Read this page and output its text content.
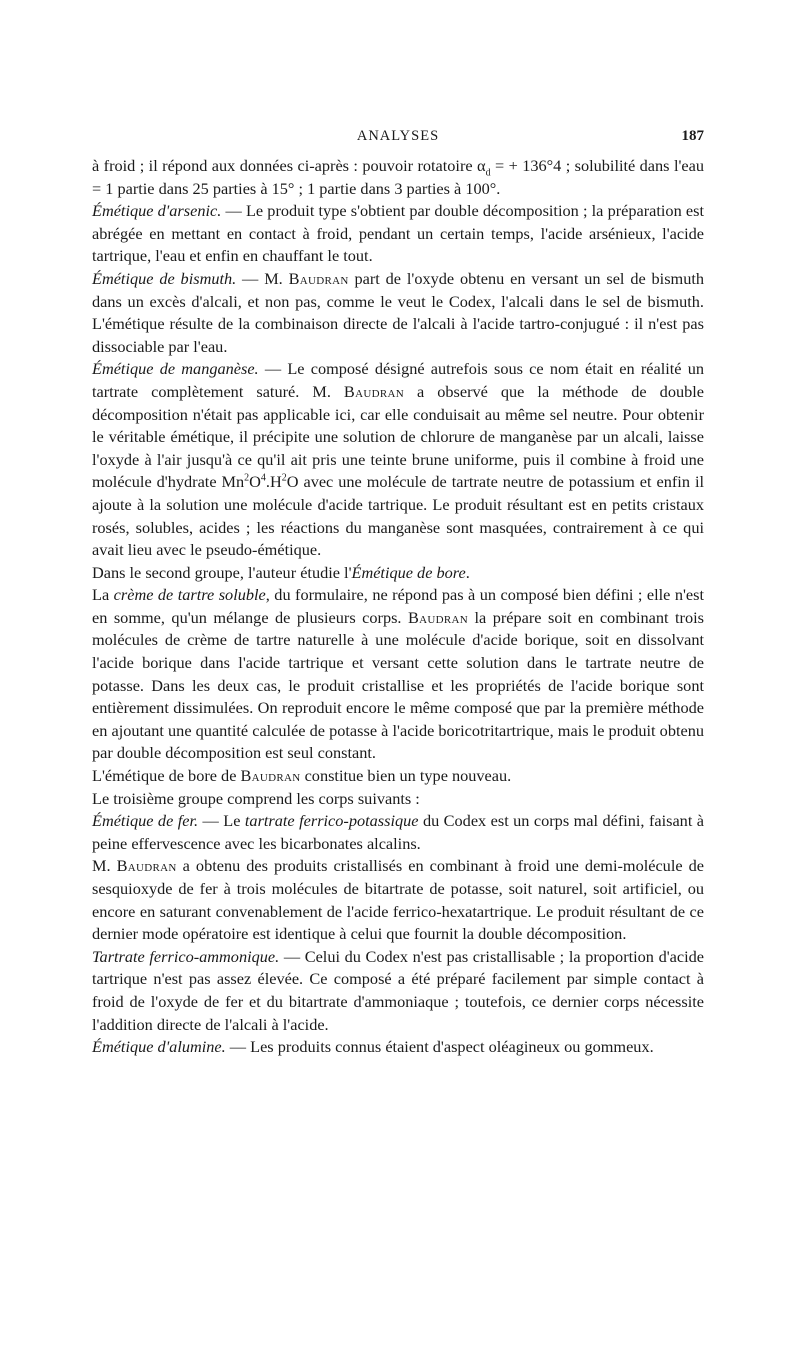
ANALYSES	187

à froid ; il répond aux données ci-après : pouvoir rotatoire $\alpha_d$ = + 136°4 ; solubilité dans l'eau = 1 partie dans 25 parties à 15° ; 1 partie dans 3 parties à 100°.

Émétique d'arsenic. — Le produit type s'obtient par double décomposition ; la préparation est abrégée en mettant en contact à froid, pendant un certain temps, l'acide arsénieux, l'acide tartrique, l'eau et enfin en chauffant le tout.

Émétique de bismuth. — M. Baudran part de l'oxyde obtenu en versant un sel de bismuth dans un excès d'alcali, et non pas, comme le veut le Codex, l'alcali dans le sel de bismuth. L'émétique résulte de la combinaison directe de l'alcali à l'acide tartro-conjugué : il n'est pas dissociable par l'eau.

Émétique de manganèse. — Le composé désigné autrefois sous ce nom était en réalité un tartrate complètement saturé. M. Baudran a observé que la méthode de double décomposition n'était pas applicable ici, car elle conduisait au même sel neutre. Pour obtenir le véritable émétique, il précipite une solution de chlorure de manganèse par un alcali, laisse l'oxyde à l'air jusqu'à ce qu'il ait pris une teinte brune uniforme, puis il combine à froid une molécule d'hydrate $Mn^2O^4.H^2O$ avec une molécule de tartrate neutre de potassium et enfin il ajoute à la solution une molécule d'acide tartrique. Le produit résultant est en petits cristaux rosés, solubles, acides ; les réactions du manganèse sont masquées, contrairement à ce qui avait lieu avec le pseudo-émétique.

Dans le second groupe, l'auteur étudie l'Émétique de bore.

La crème de tartre soluble, du formulaire, ne répond pas à un composé bien défini ; elle n'est en somme, qu'un mélange de plusieurs corps. Baudran la prépare soit en combinant trois molécules de crème de tartre naturelle à une molécule d'acide borique, soit en dissolvant l'acide borique dans l'acide tartrique et versant cette solution dans le tartrate neutre de potasse. Dans les deux cas, le produit cristallise et les propriétés de l'acide borique sont entièrement dissimulées. On reproduit encore le même composé que par la première méthode en ajoutant une quantité calculée de potasse à l'acide boricotritartrique, mais le produit obtenu par double décomposition est seul constant.

L'émétique de bore de Baudran constitue bien un type nouveau.

Le troisième groupe comprend les corps suivants :

Émétique de fer. — Le tartrate ferrico-potassique du Codex est un corps mal défini, faisant à peine effervescence avec les bicarbonates alcalins.

M. Baudran a obtenu des produits cristallisés en combinant à froid une demi-molécule de sesquioxyde de fer à trois molécules de bitartrate de potasse, soit naturel, soit artificiel, ou encore en saturant convenablement de l'acide ferrico-hexatartrique. Le produit résultant de ce dernier mode opératoire est identique à celui que fournit la double décomposition.

Tartrate ferrico-ammonique. — Celui du Codex n'est pas cristallisable ; la proportion d'acide tartrique n'est pas assez élevée. Ce composé a été préparé facilement par simple contact à froid de l'oxyde de fer et du bitartrate d'ammoniaque ; toutefois, ce dernier corps nécessite l'addition directe de l'alcali à l'acide.

Émétique d'alumine. — Les produits connus étaient d'aspect oléagineux ou gommeux.
